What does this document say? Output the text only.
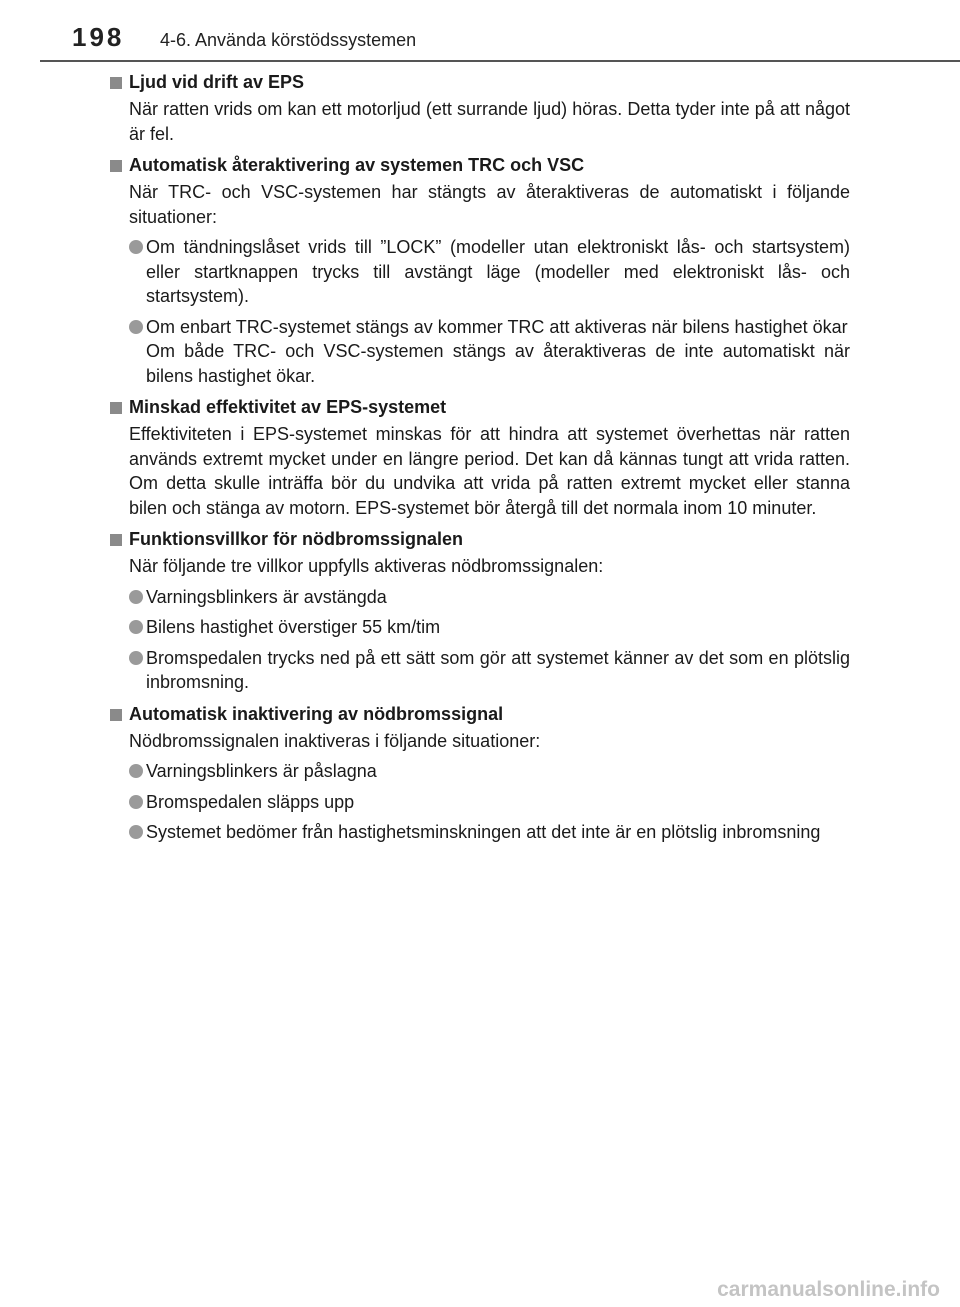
198 4-6. Använda körstödssystemen
Ljud vid drift av EPS
När ratten vrids om kan ett motorljud (ett surrande ljud) höras. Detta tyder inte på att något är fel.
Automatisk återaktivering av systemen TRC och VSC
När TRC- och VSC-systemen har stängts av återaktiveras de automatiskt i följande situationer:
Om tändningslåset vrids till ”LOCK” (modeller utan elektroniskt lås- och startsystem) eller startknappen trycks till avstängt läge (modeller med elektroniskt lås- och startsystem).
Om enbart TRC-systemet stängs av kommer TRC att aktiveras när bilens hastighet ökar
Om både TRC- och VSC-systemen stängs av återaktiveras de inte automatiskt när bilens hastighet ökar.
Minskad effektivitet av EPS-systemet
Effektiviteten i EPS-systemet minskas för att hindra att systemet överhettas när ratten används extremt mycket under en längre period. Det kan då kännas tungt att vrida ratten. Om detta skulle inträffa bör du undvika att vrida på ratten extremt mycket eller stanna bilen och stänga av motorn. EPS-systemet bör återgå till det normala inom 10 minuter.
Funktionsvillkor för nödbromssignalen
När följande tre villkor uppfylls aktiveras nödbromssignalen:
Varningsblinkers är avstängda
Bilens hastighet överstiger 55 km/tim
Bromspedalen trycks ned på ett sätt som gör att systemet känner av det som en plötslig inbromsning.
Automatisk inaktivering av nödbromssignal
Nödbromssignalen inaktiveras i följande situationer:
Varningsblinkers är påslagna
Bromspedalen släpps upp
Systemet bedömer från hastighetsminskningen att det inte är en plötslig inbromsning
carmanualsonline.info
